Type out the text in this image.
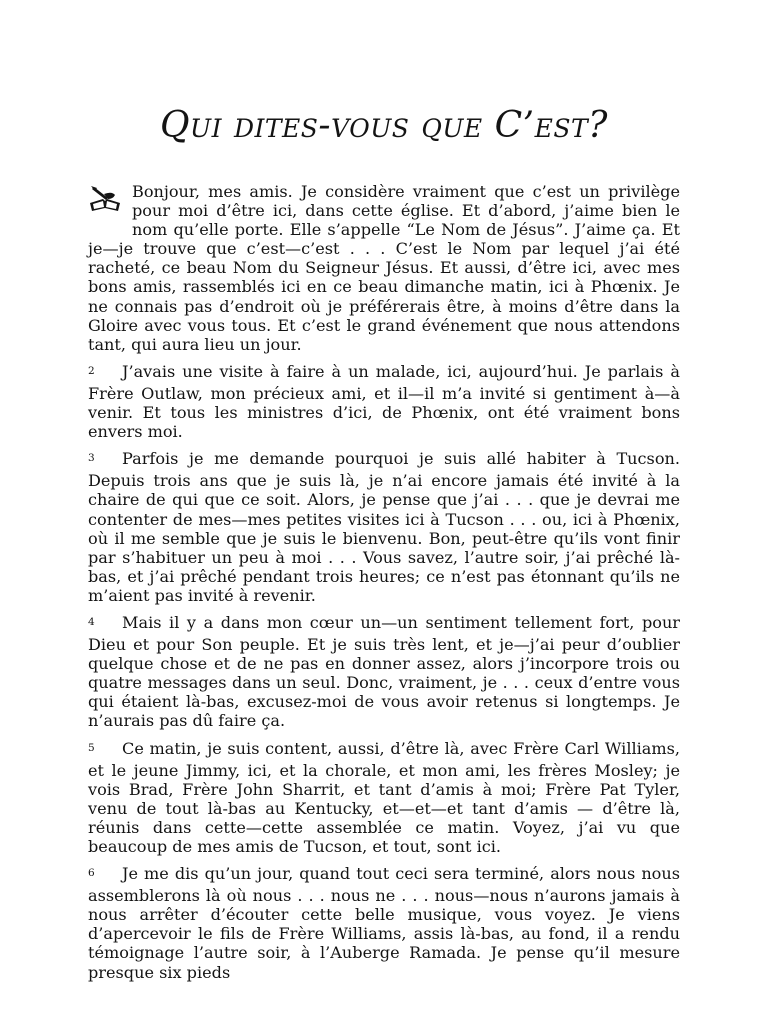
Qui dites-vous que C’est?

Bonjour, mes amis. Je considère vraiment que c’est un privilège pour moi d’être ici, dans cette église. Et d’abord, j’aime bien le nom qu’elle porte. Elle s’appelle “Le Nom de Jésus”. J’aime ça. Et je—je trouve que c’est—c’est . . . C’est le Nom par lequel j’ai été racheté, ce beau Nom du Seigneur Jésus. Et aussi, d’être ici, avec mes bons amis, rassemblés ici en ce beau dimanche matin, ici à Phœnix. Je ne connais pas d’endroit où je préférerais être, à moins d’être dans la Gloire avec vous tous. Et c’est le grand événement que nous attendons tant, qui aura lieu un jour.

2 J’avais une visite à faire à un malade, ici, aujourd’hui. Je parlais à Frère Outlaw, mon précieux ami, et il—il m’a invité si gentiment à—à venir. Et tous les ministres d’ici, de Phœnix, ont été vraiment bons envers moi.

3 Parfois je me demande pourquoi je suis allé habiter à Tucson. Depuis trois ans que je suis là, je n’ai encore jamais été invité à la chaire de qui que ce soit. Alors, je pense que j’ai . . . que je devrai me contenter de mes—mes petites visites ici à Tucson . . . ou, ici à Phœnix, où il me semble que je suis le bienvenu. Bon, peut-être qu’ils vont finir par s’habituer un peu à moi . . . Vous savez, l’autre soir, j’ai prêché là-bas, et j’ai prêché pendant trois heures; ce n’est pas étonnant qu’ils ne m’aient pas invité à revenir.

4 Mais il y a dans mon cœur un—un sentiment tellement fort, pour Dieu et pour Son peuple. Et je suis très lent, et je—j’ai peur d’oublier quelque chose et de ne pas en donner assez, alors j’incorpore trois ou quatre messages dans un seul. Donc, vraiment, je . . . ceux d’entre vous qui étaient là-bas, excusez-moi de vous avoir retenus si longtemps. Je n’aurais pas dû faire ça.

5 Ce matin, je suis content, aussi, d’être là, avec Frère Carl Williams, et le jeune Jimmy, ici, et la chorale, et mon ami, les frères Mosley; je vois Brad, Frère John Sharrit, et tant d’amis à moi; Frère Pat Tyler, venu de tout là-bas au Kentucky, et—et—et tant d’amis — d’être là, réunis dans cette—cette assemblée ce matin. Voyez, j’ai vu que beaucoup de mes amis de Tucson, et tout, sont ici.

6 Je me dis qu’un jour, quand tout ceci sera terminé, alors nous nous assemblerons là où nous . . . nous ne . . . nous—nous n’aurons jamais à nous arrêter d’écouter cette belle musique, vous voyez. Je viens d’apercevoir le fils de Frère Williams, assis là-bas, au fond, il a rendu témoignage l’autre soir, à l’Auberge Ramada. Je pense qu’il mesure presque six pieds
